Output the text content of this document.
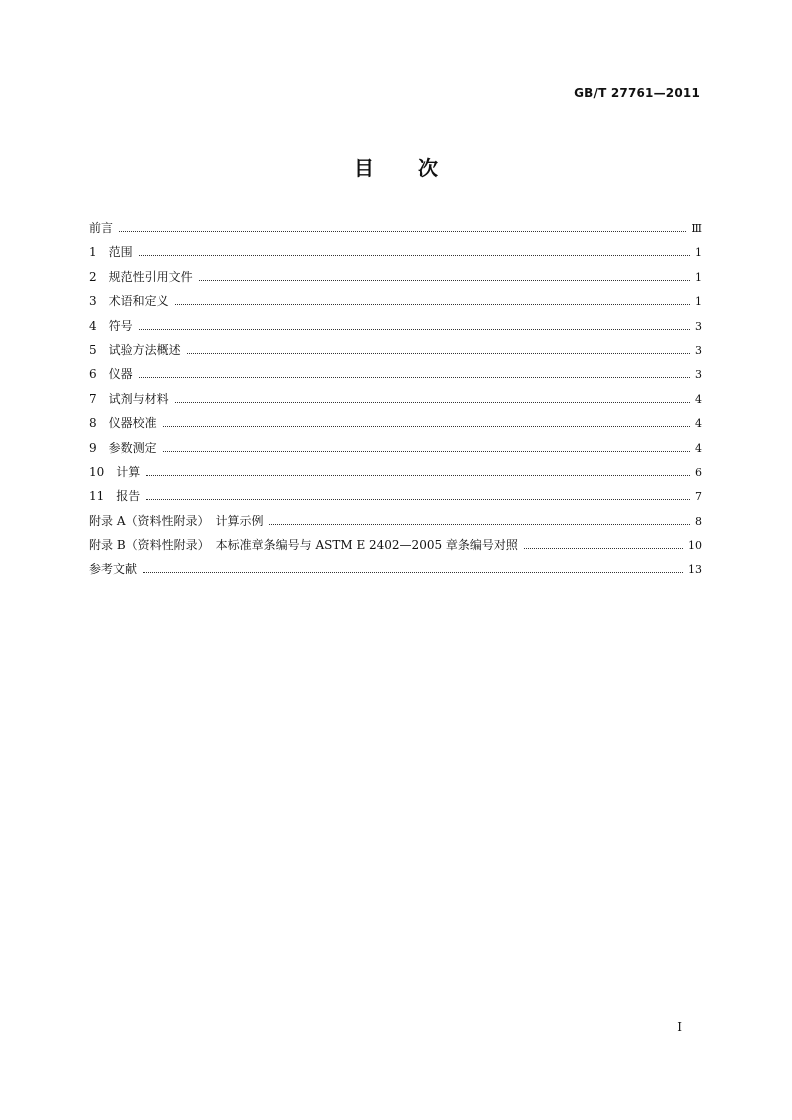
GB/T 27761—2011
目 次
前言	Ⅲ
1　范围	1
2　规范性引用文件	1
3　术语和定义	1
4　符号	3
5　试验方法概述	3
6　仪器	3
7　试剂与材料	4
8　仪器校准	4
9　参数测定	4
10　计算	6
11　报告	7
附录 A（资料性附录）　计算示例	8
附录 B（资料性附录）　本标准章条编号与 ASTM E 2402—2005 章条编号对照	10
参考文献	13
I
